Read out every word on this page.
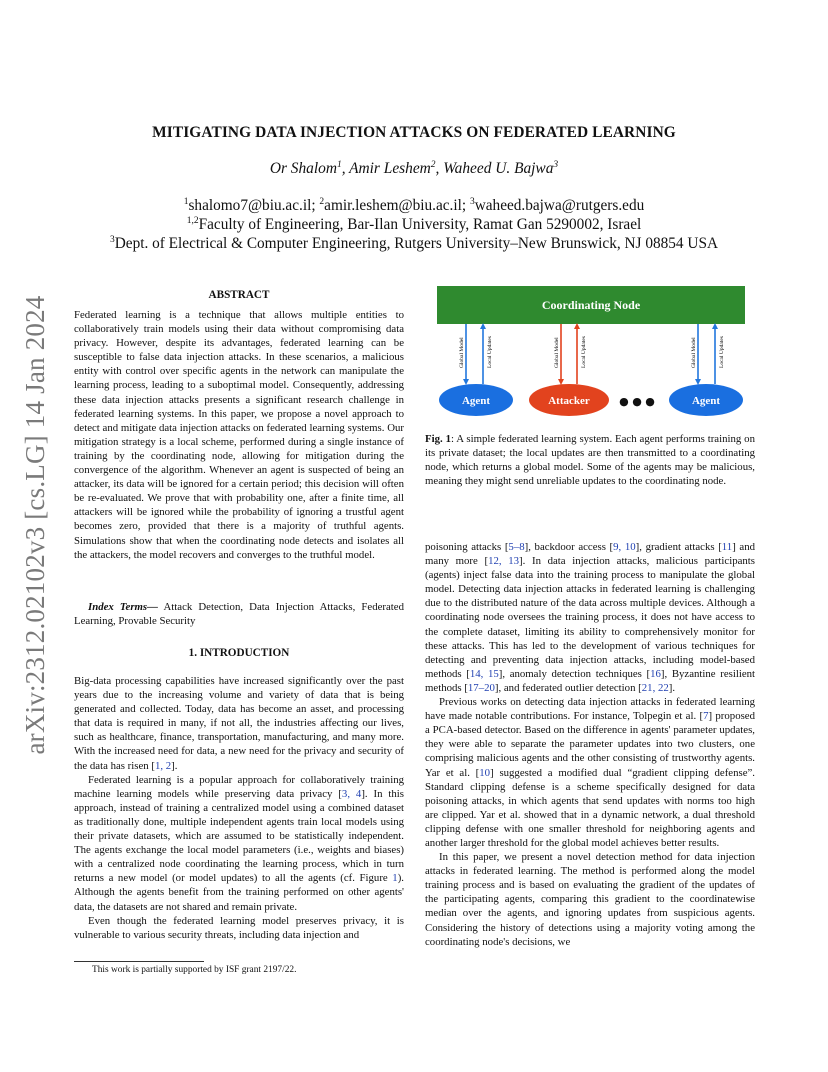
MITIGATING DATA INJECTION ATTACKS ON FEDERATED LEARNING
Or Shalom$^1$, Amir Leshem$^2$, Waheed U. Bajwa$^3$
$^1$shalomo7@biu.ac.il; $^2$amir.leshem@biu.ac.il; $^3$waheed.bajwa@rutgers.edu
$^{1,2}$Faculty of Engineering, Bar-Ilan University, Ramat Gan 5290002, Israel
$^3$Dept. of Electrical & Computer Engineering, Rutgers University–New Brunswick, NJ 08854 USA
arXiv:2312.02102v3 [cs.LG] 14 Jan 2024
ABSTRACT

Federated learning is a technique that allows multiple entities to collaboratively train models using their data without compromising data privacy. However, despite its advantages, federated learning can be susceptible to false data injection attacks. In these scenarios, a malicious entity with control over specific agents in the network can manipulate the learning process, leading to a suboptimal model. Consequently, addressing these data injection attacks presents a significant research challenge in federated learning systems. In this paper, we propose a novel approach to detect and mitigate data injection attacks on federated learning systems. Our mitigation strategy is a local scheme, performed during a single instance of training by the coordinating node, allowing for mitigation during the convergence of the algorithm. Whenever an agent is suspected of being an attacker, its data will be ignored for a certain period; this decision will often be re-evaluated. We prove that with probability one, after a finite time, all attackers will be ignored while the probability of ignoring a trustful agent becomes zero, provided that there is a majority of truthful agents. Simulations show that when the coordinating node detects and isolates all the attackers, the model recovers and converges to the truthful model.

Index Terms— Attack Detection, Data Injection Attacks, Federated Learning, Provable Security

1. INTRODUCTION

Big-data processing capabilities have increased significantly over the past years due to the increasing volume and variety of data that is being generated and collected. Today, data has become an asset, and processing that data is required in many, if not all, the industries affecting our lives, such as healthcare, finance, transportation, manufacturing, and many more. With the increased need for data, a new need for the privacy and security of the data has risen [1, 2].

Federated learning is a popular approach for collaboratively training machine learning models while preserving data privacy [3, 4]. In this approach, instead of training a centralized model using a combined dataset as traditionally done, multiple independent agents train local models using their private datasets, which are assumed to be statistically independent. The agents exchange the local model parameters (i.e., weights and biases) with a centralized node coordinating the learning process, which in turn returns a new model (or model updates) to all the agents (cf. Figure 1). Although the agents benefit from the training performed on other agents' data, the datasets are not shared and remain private.

Even though the federated learning model preserves privacy, it is vulnerable to various security threats, including data injection and

This work is partially supported by ISF grant 2197/22.
Coordinating Node
Global Model	Local Updates	Global Model	Local Updates	Global Model	Local Updates
Agent	Attacker	● ● ●	Agent

Fig. 1: A simple federated learning system. Each agent performs training on its private dataset; the local updates are then transmitted to a coordinating node, which returns a global model. Some of the agents may be malicious, meaning they might send unreliable updates to the coordinating node.

poisoning attacks [5–8], backdoor access [9, 10], gradient attacks [11] and many more [12, 13]. In data injection attacks, malicious participants (agents) inject false data into the training process to manipulate the global model. Detecting data injection attacks in federated learning is challenging due to the distributed nature of the data across multiple devices. Although a coordinating node oversees the training process, it does not have access to the complete dataset, limiting its ability to comprehensively monitor for these attacks. This has led to the development of various techniques for detecting and preventing data injection attacks, including model-based methods [14, 15], anomaly detection techniques [16], Byzantine resilient methods [17–20], and federated outlier detection [21, 22].

Previous works on detecting data injection attacks in federated learning have made notable contributions. For instance, Tolpegin et al. [7] proposed a PCA-based detector. Based on the difference in agents' parameter updates, they were able to separate the parameter updates into two clusters, one comprising malicious agents and the other consisting of trustworthy agents. Yar et al. [10] suggested a modified dual “gradient clipping defense”. Standard clipping defense is a scheme specifically designed for data poisoning attacks, in which agents that send updates with norms too high are clipped. Yar et al. showed that in a dynamic network, a dual threshold clipping defense with one smaller threshold for neighboring agents and another larger threshold for the global model achieves better results.

In this paper, we present a novel detection method for data injection attacks in federated learning. The method is performed along the model training process and is based on evaluating the gradient of the updates of the participating agents, comparing this gradient to the coordinatewise median over the agents, and ignoring updates from suspicious agents. Considering the history of detections using a majority voting among the coordinating node's decisions, we
